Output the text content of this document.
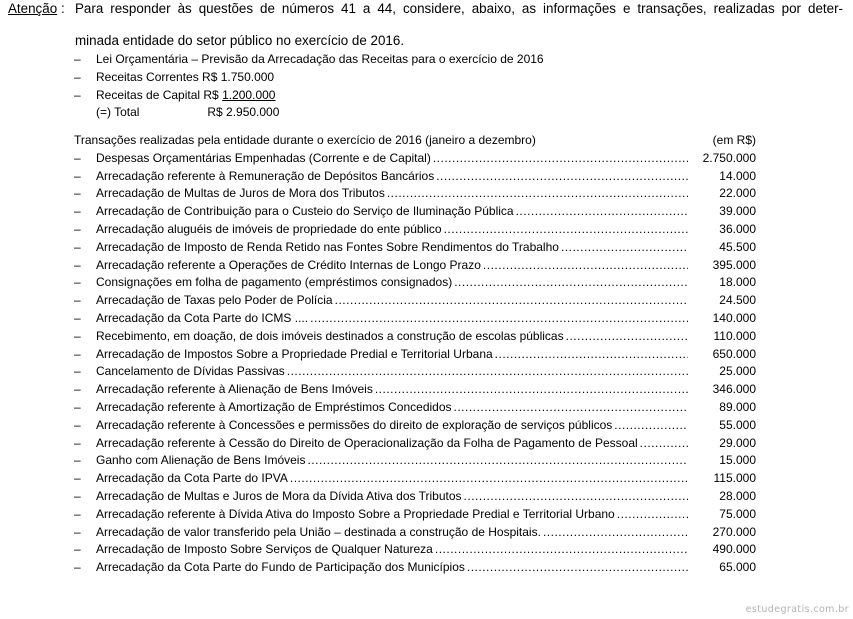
Atenção : Para responder às questões de números 41 a 44, considere, abaixo, as informações e transações, realizadas por deter-
minada entidade do setor público no exercício de 2016.
–	Lei Orçamentária – Previsão da Arrecadação das Receitas para o exercício de 2016
–	Receitas Correntes R$ 1.750.000
–	Receitas de Capital R$ 1.200.000
(=) Total	R$ 2.950.000
Transações realizadas pela entidade durante o exercício de 2016 (janeiro a dezembro)	(em R$)
–	Despesas Orçamentárias Empenhadas (Corrente e de Capital) .....	2.750.000
–	Arrecadação referente à Remuneração de Depósitos Bancários .....	14.000
–	Arrecadação de Multas de Juros de Mora dos Tributos .....	22.000
–	Arrecadação de Contribuição para o Custeio do Serviço de Iluminação Pública .....	39.000
–	Arrecadação aluguéis de imóveis de propriedade do ente público .....	36.000
–	Arrecadação de Imposto de Renda Retido nas Fontes Sobre Rendimentos do Trabalho .....	45.500
–	Arrecadação referente a Operações de Crédito Internas de Longo Prazo .....	395.000
–	Consignações em folha de pagamento (empréstimos consignados) .....	18.000
–	Arrecadação de Taxas pelo Poder de Polícia .....	24.500
–	Arrecadação da Cota Parte do ICMS .... .....	140.000
–	Recebimento, em doação, de dois imóveis destinados a construção de escolas públicas .....	110.000
–	Arrecadação de Impostos Sobre a Propriedade Predial e Territorial Urbana .....	650.000
–	Cancelamento de Dívidas Passivas .....	25.000
–	Arrecadação referente à Alienação de Bens Imóveis .....	346.000
–	Arrecadação referente à Amortização de Empréstimos Concedidos .....	89.000
–	Arrecadação referente à Concessões e permissões do direito de exploração de serviços públicos .....	55.000
–	Arrecadação referente à Cessão do Direito de Operacionalização da Folha de Pagamento de Pessoal .....	29.000
–	Ganho com Alienação de Bens Imóveis .....	15.000
–	Arrecadação da Cota Parte do IPVA .....	115.000
–	Arrecadação de Multas e Juros de Mora da Dívida Ativa dos Tributos .....	28.000
–	Arrecadação referente à Dívida Ativa do Imposto Sobre a Propriedade Predial e Territorial Urbano .....	75.000
–	Arrecadação de valor transferido pela União – destinada a construção de Hospitais. .....	270.000
–	Arrecadação de Imposto Sobre Serviços de Qualquer Natureza .....	490.000
–	Arrecadação da Cota Parte do Fundo de Participação dos Municípios .....	65.000
estudegratis.com.br
